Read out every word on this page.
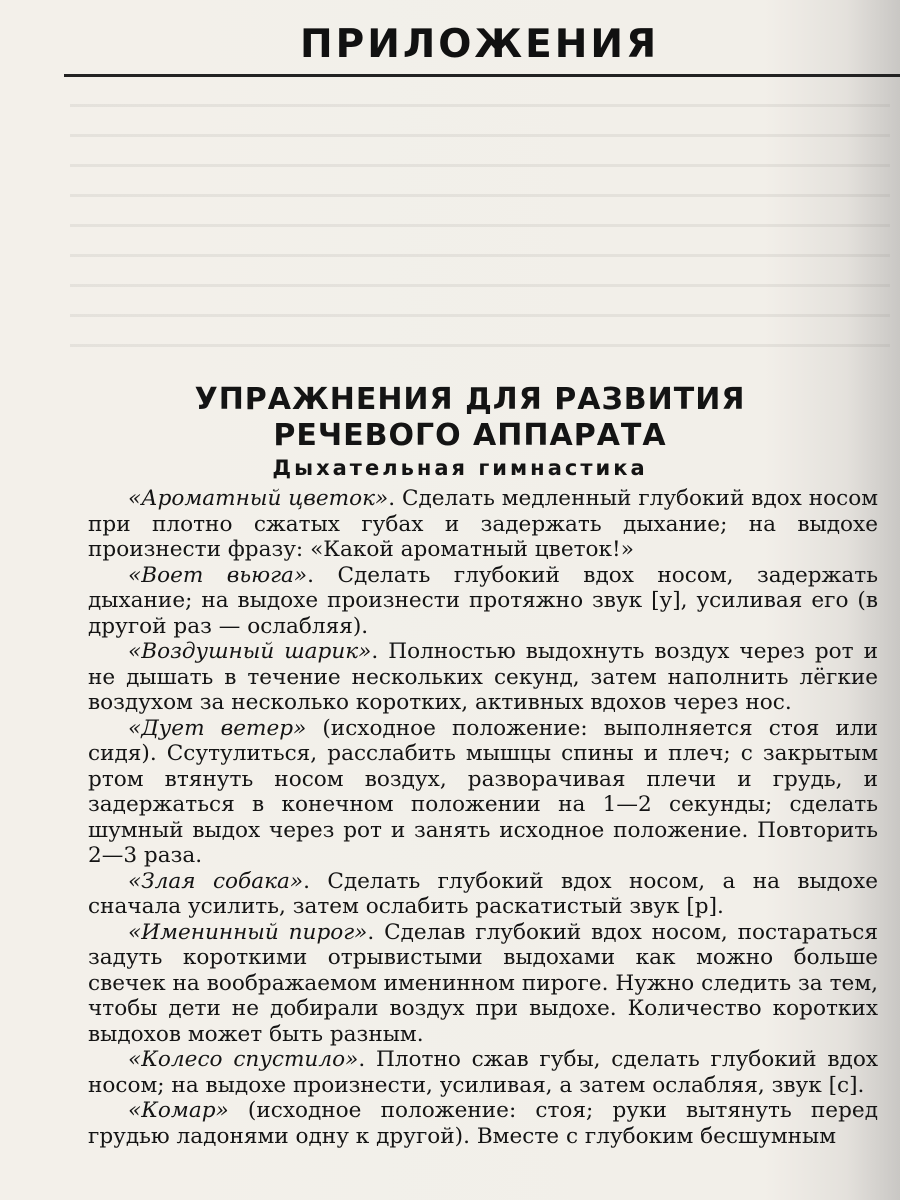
ПРИЛОЖЕНИЯ
УПРАЖНЕНИЯ ДЛЯ РАЗВИТИЯ
РЕЧЕВОГО АППАРАТА
Дыхательная гимнастика

«Ароматный цветок». Сделать медленный глубокий вдох носом при плотно сжатых губах и задержать дыхание; на выдохе произнести фразу: «Какой ароматный цветок!»

«Воет вьюга». Сделать глубокий вдох носом, задержать дыхание; на выдохе произнести протяжно звук [у], усиливая его (в другой раз — ослабляя).

«Воздушный шарик». Полностью выдохнуть воздух через рот и не дышать в течение нескольких секунд, затем наполнить лёгкие воздухом за несколько коротких, активных вдохов через нос.

«Дует ветер» (исходное положение: выполняется стоя или сидя). Ссутулиться, расслабить мышцы спины и плеч; с закрытым ртом втянуть носом воздух, разворачивая плечи и грудь, и задержаться в конечном положении на 1—2 секунды; сделать шумный выдох через рот и занять исходное положение. Повторить 2—3 раза.

«Злая собака». Сделать глубокий вдох носом, а на выдохе сначала усилить, затем ослабить раскатистый звук [р].

«Именинный пирог». Сделав глубокий вдох носом, постараться задуть короткими отрывистыми выдохами как можно больше свечек на воображаемом именинном пироге. Нужно следить за тем, чтобы дети не добирали воздух при выдохе. Количество коротких выдохов может быть разным.

«Колесо спустило». Плотно сжав губы, сделать глубокий вдох носом; на выдохе произнести, усиливая, а затем ослабляя, звук [с].

«Комар» (исходное положение: стоя; руки вытянуть перед грудью ладонями одну к другой). Вместе с глубоким бесшумным
